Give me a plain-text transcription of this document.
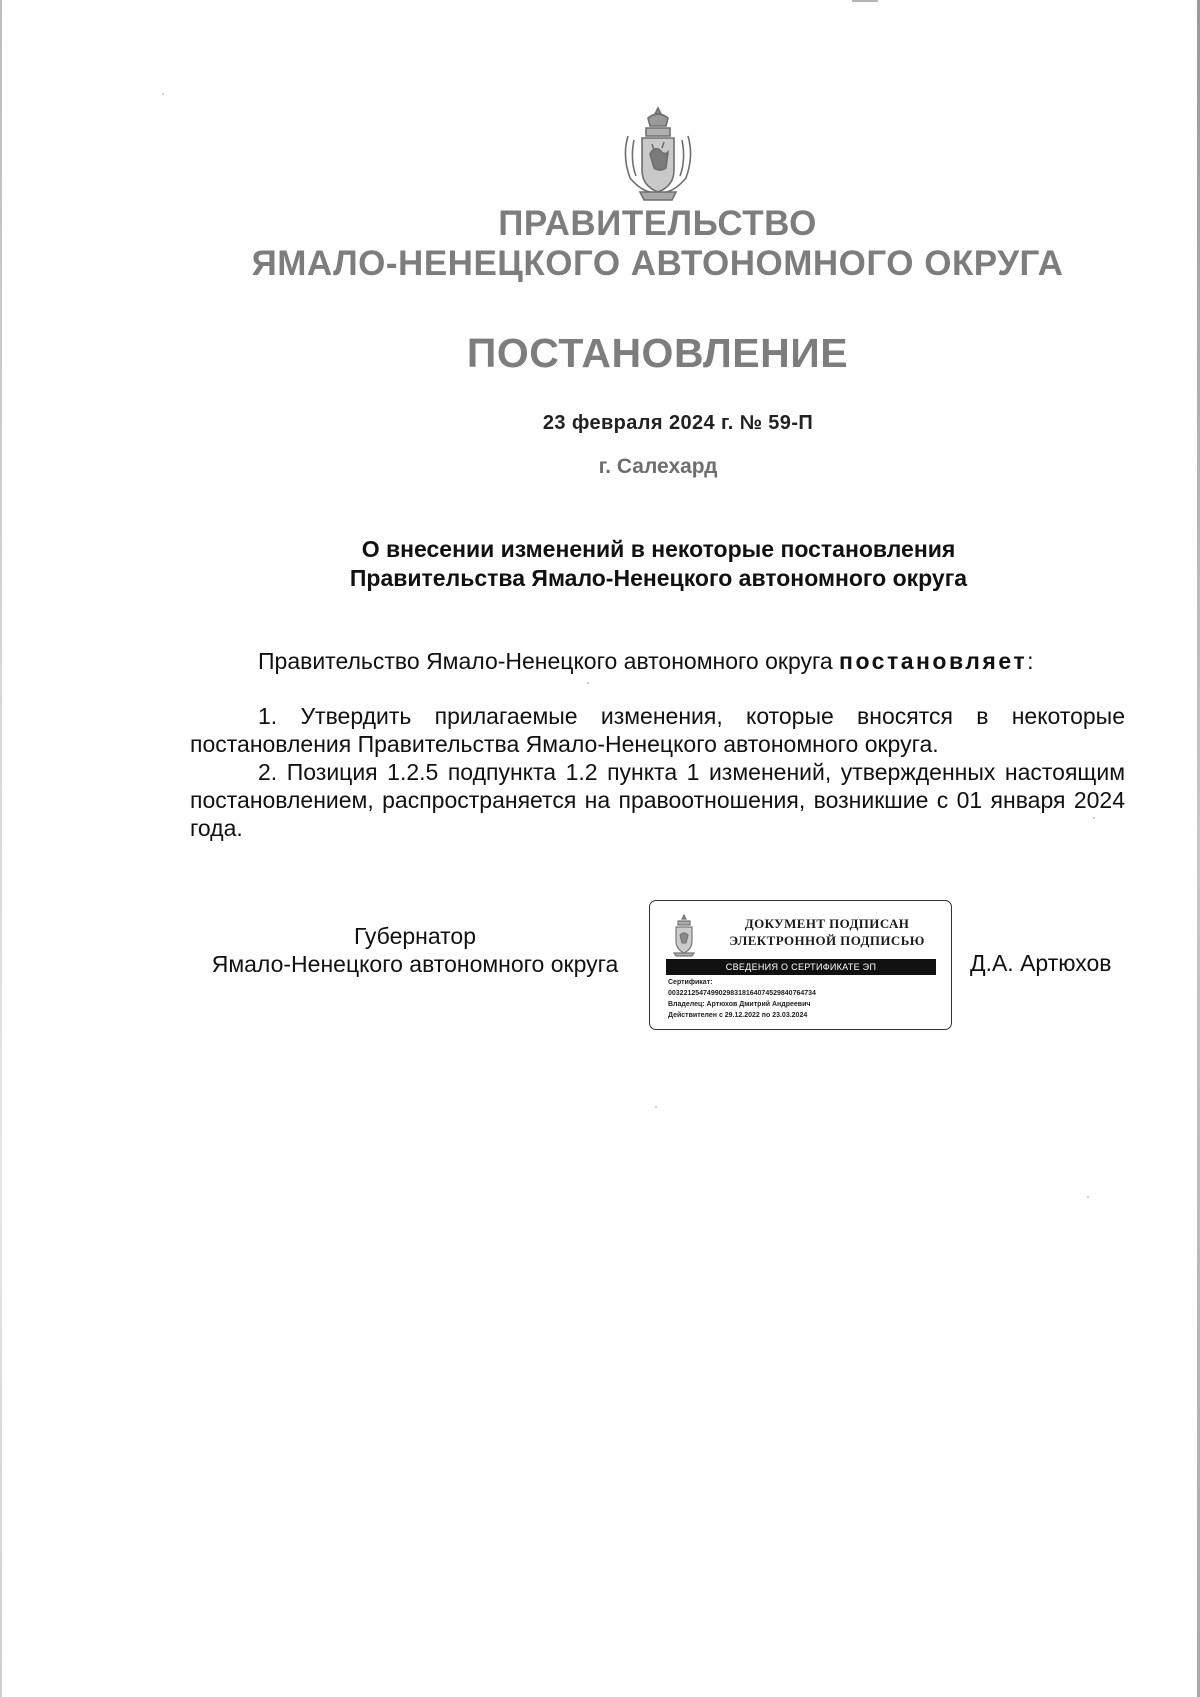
ПРАВИТЕЛЬСТВО
ЯМАЛО-НЕНЕЦКОГО АВТОНОМНОГО ОКРУГА
ПОСТАНОВЛЕНИЕ
23 февраля 2024 г. № 59-П
г. Салехард
О внесении изменений в некоторые постановления
Правительства Ямало-Ненецкого автономного округа
Правительство Ямало-Ненецкого автономного округа постановляет:

1. Утвердить прилагаемые изменения, которые вносятся в некоторые постановления Правительства Ямало-Ненецкого автономного округа.

2. Позиция 1.2.5 подпункта 1.2 пункта 1 изменений, утвержденных настоящим постановлением, распространяется на правоотношения, возникшие с 01 января 2024 года.

Губернатор
Ямало-Ненецкого автономного округа
ДОКУМЕНТ ПОДПИСАН
ЭЛЕКТРОННОЙ ПОДПИСЬЮ
СВЕДЕНИЯ О СЕРТИФИКАТЕ ЭП
Сертификат:
00322125474990298318164074529840764734
Владелец: Артюхов Дмитрий Андреевич
Действителен с 29.12.2022 по 23.03.2024
Д.А. Артюхов
